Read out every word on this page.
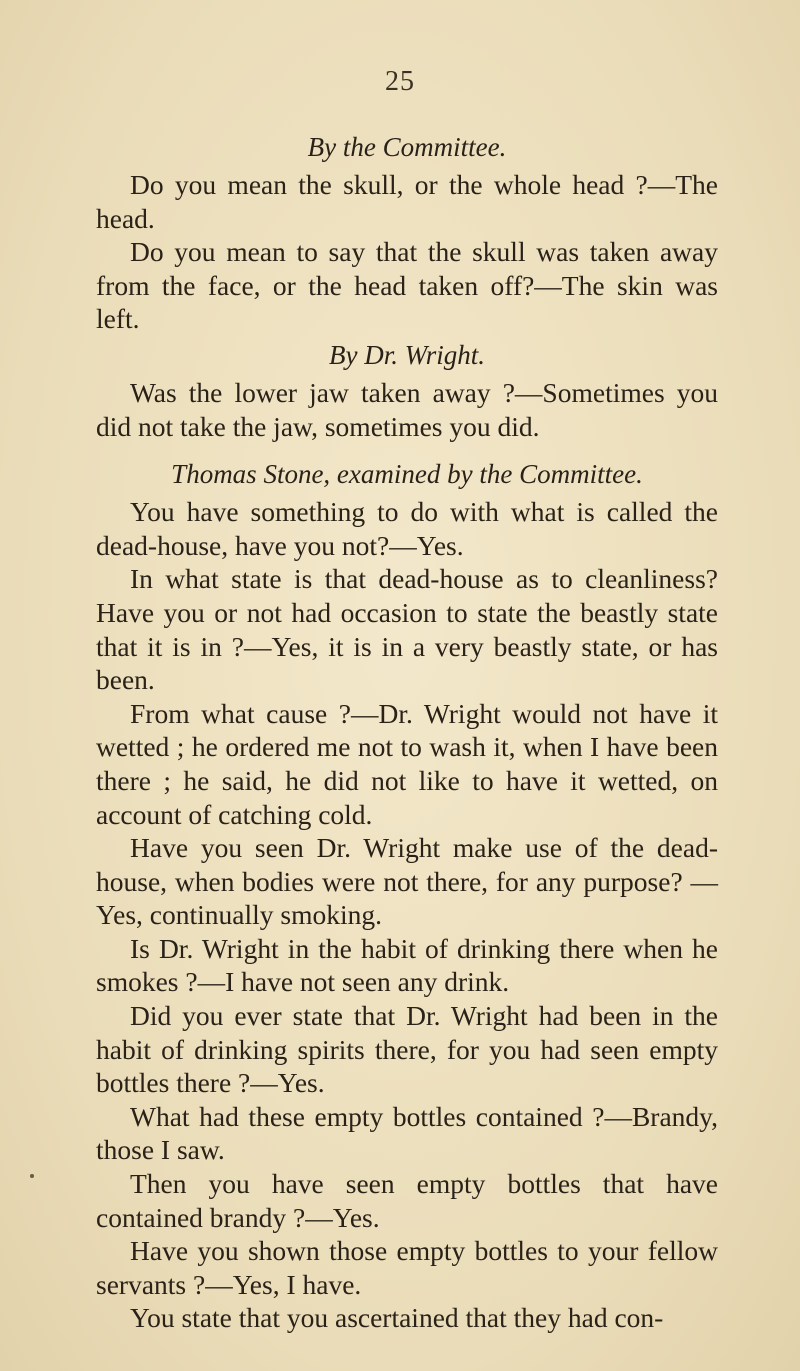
25
By the Committee.

Do you mean the skull, or the whole head ?—The head.

Do you mean to say that the skull was taken away from the face, or the head taken off?—The skin was left.

By Dr. Wright.

Was the lower jaw taken away ?—Sometimes you did not take the jaw, sometimes you did.

Thomas Stone, examined by the Committee.

You have something to do with what is called the dead-house, have you not?—Yes.

In what state is that dead-house as to cleanliness? Have you or not had occasion to state the beastly state that it is in ?—Yes, it is in a very beastly state, or has been.

From what cause ?—Dr. Wright would not have it wetted ; he ordered me not to wash it, when I have been there ; he said, he did not like to have it wetted, on account of catching cold.

Have you seen Dr. Wright make use of the dead-house, when bodies were not there, for any purpose? —Yes, continually smoking.

Is Dr. Wright in the habit of drinking there when he smokes ?—I have not seen any drink.

Did you ever state that Dr. Wright had been in the habit of drinking spirits there, for you had seen empty bottles there ?—Yes.

What had these empty bottles contained ?—Brandy, those I saw.

Then you have seen empty bottles that have contained brandy ?—Yes.

Have you shown those empty bottles to your fellow servants ?—Yes, I have.

You state that you ascertained that they had con-
